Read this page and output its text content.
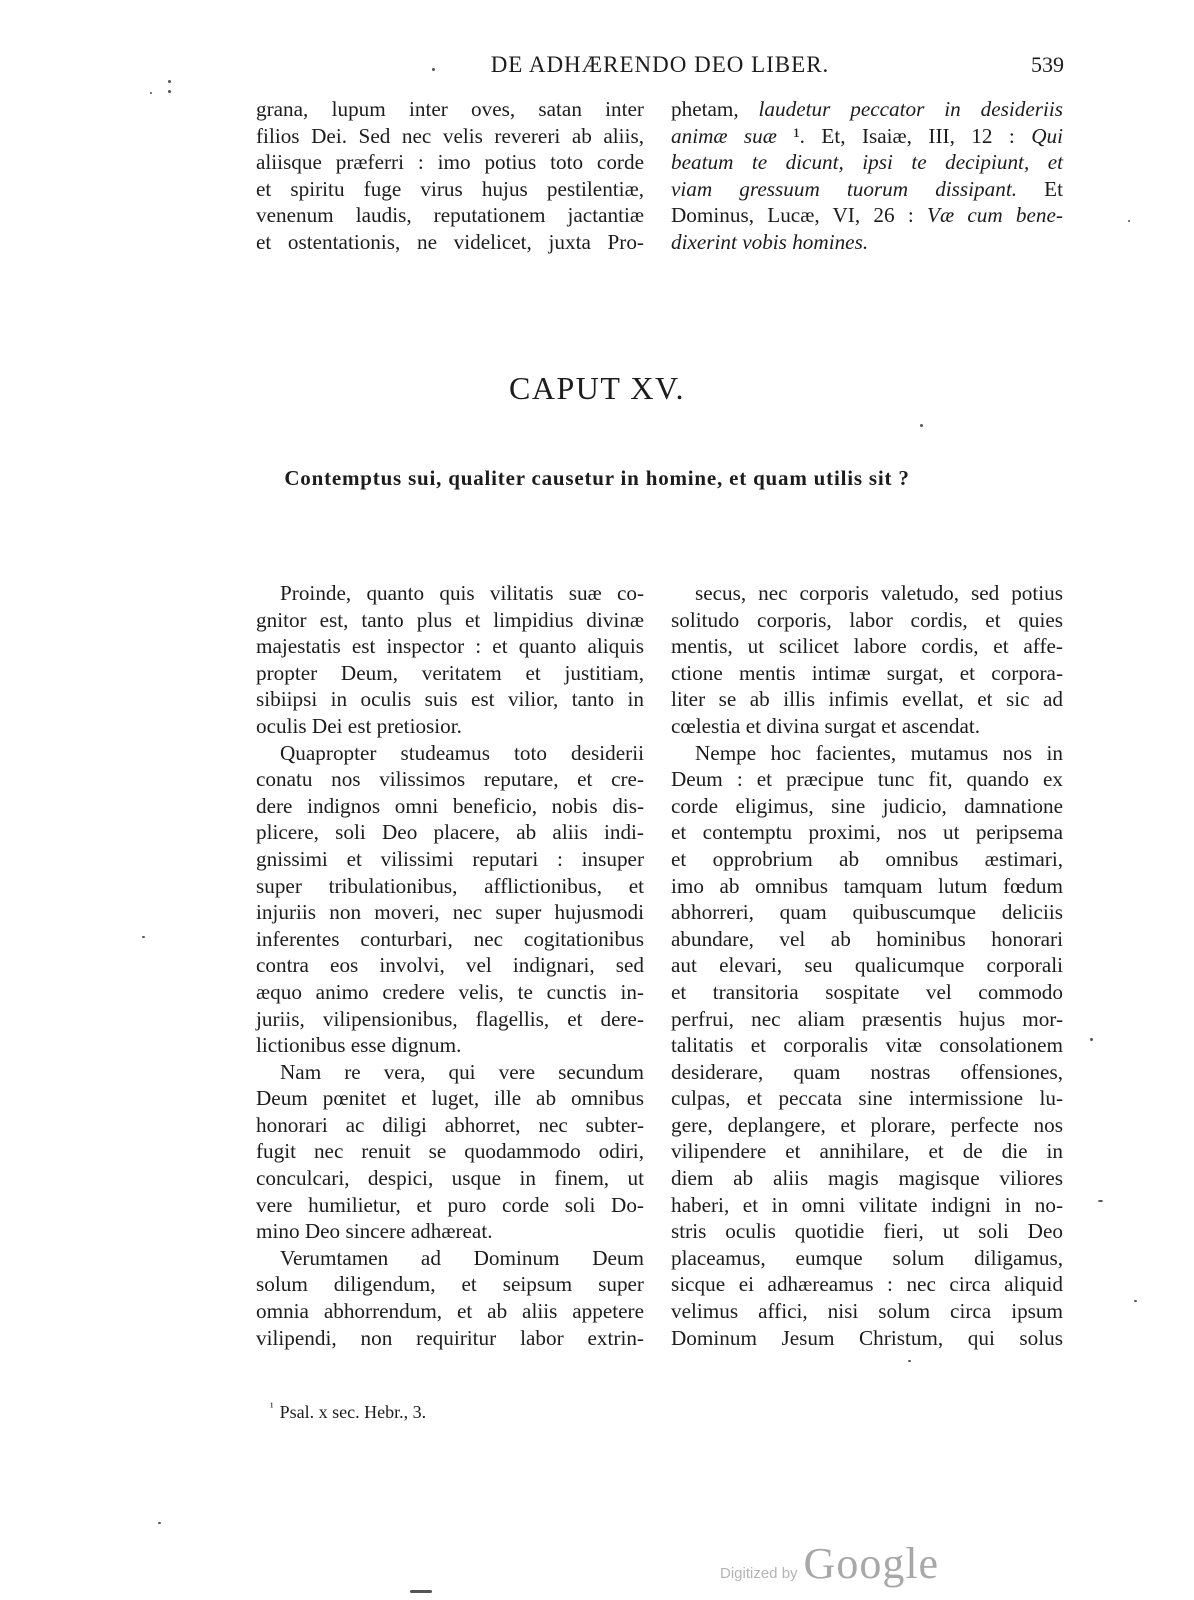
DE ADHÆRENDO DEO LIBER.	539

grana, lupum inter oves, satan inter

filios Dei. Sed nec velis revereri ab aliis,

aliisque præferri : imo potius toto corde

et spiritu fuge virus hujus pestilentiæ,

venenum laudis, reputationem jactantiæ

et ostentationis, ne videlicet, juxta Pro-

phetam, laudetur peccator in desideriis

animæ suæ ¹. Et, Isaiæ, III, 12 : Qui

beatum te dicunt, ipsi te decipiunt, et

viam gressuum tuorum dissipant. Et

Dominus, Lucæ, VI, 26 : Væ cum bene-

dixerint vobis homines.

CAPUT XV.
Contemptus sui, qualiter causetur in homine, et quam utilis sit ?

Proinde, quanto quis vilitatis suæ co-

gnitor est, tanto plus et limpidius divinæ

majestatis est inspector : et quanto aliquis

propter Deum, veritatem et justitiam,

sibiipsi in oculis suis est vilior, tanto in

oculis Dei est pretiosior.

Quapropter studeamus toto desiderii

conatu nos vilissimos reputare, et cre-

dere indignos omni beneficio, nobis dis-

plicere, soli Deo placere, ab aliis indi-

gnissimi et vilissimi reputari : insuper

super tribulationibus, afflictionibus, et

injuriis non moveri, nec super hujusmodi

inferentes conturbari, nec cogitationibus

contra eos involvi, vel indignari, sed

æquo animo credere velis, te cunctis in-

juriis, vilipensionibus, flagellis, et dere-

lictionibus esse dignum.

Nam re vera, qui vere secundum

Deum pœnitet et luget, ille ab omnibus

honorari ac diligi abhorret, nec subter-

fugit nec renuit se quodammodo odiri,

conculcari, despici, usque in finem, ut

vere humilietur, et puro corde soli Do-

mino Deo sincere adhæreat.

Verumtamen ad Dominum Deum

solum diligendum, et seipsum super

omnia abhorrendum, et ab aliis appetere

vilipendi, non requiritur labor extrin-

secus, nec corporis valetudo, sed potius

solitudo corporis, labor cordis, et quies

mentis, ut scilicet labore cordis, et affe-

ctione mentis intimæ surgat, et corpora-

liter se ab illis infimis evellat, et sic ad

cœlestia et divina surgat et ascendat.

Nempe hoc facientes, mutamus nos in

Deum : et præcipue tunc fit, quando ex

corde eligimus, sine judicio, damnatione

et contemptu proximi, nos ut peripsema

et opprobrium ab omnibus æstimari,

imo ab omnibus tamquam lutum fœdum

abhorreri, quam quibuscumque deliciis

abundare, vel ab hominibus honorari

aut elevari, seu qualicumque corporali

et transitoria sospitate vel commodo

perfrui, nec aliam præsentis hujus mor-

talitatis et corporalis vitæ consolationem

desiderare, quam nostras offensiones,

culpas, et peccata sine intermissione lu-

gere, deplangere, et plorare, perfecte nos

vilipendere et annihilare, et de die in

diem ab aliis magis magisque viliores

haberi, et in omni vilitate indigni in no-

stris oculis quotidie fieri, ut soli Deo

placeamus, eumque solum diligamus,

sicque ei adhæreamus : nec circa aliquid

velimus affici, nisi solum circa ipsum

Dominum Jesum Christum, qui solus

$^{^1}$ Psal. x sec. Hebr., 3.
Digitized by Google
